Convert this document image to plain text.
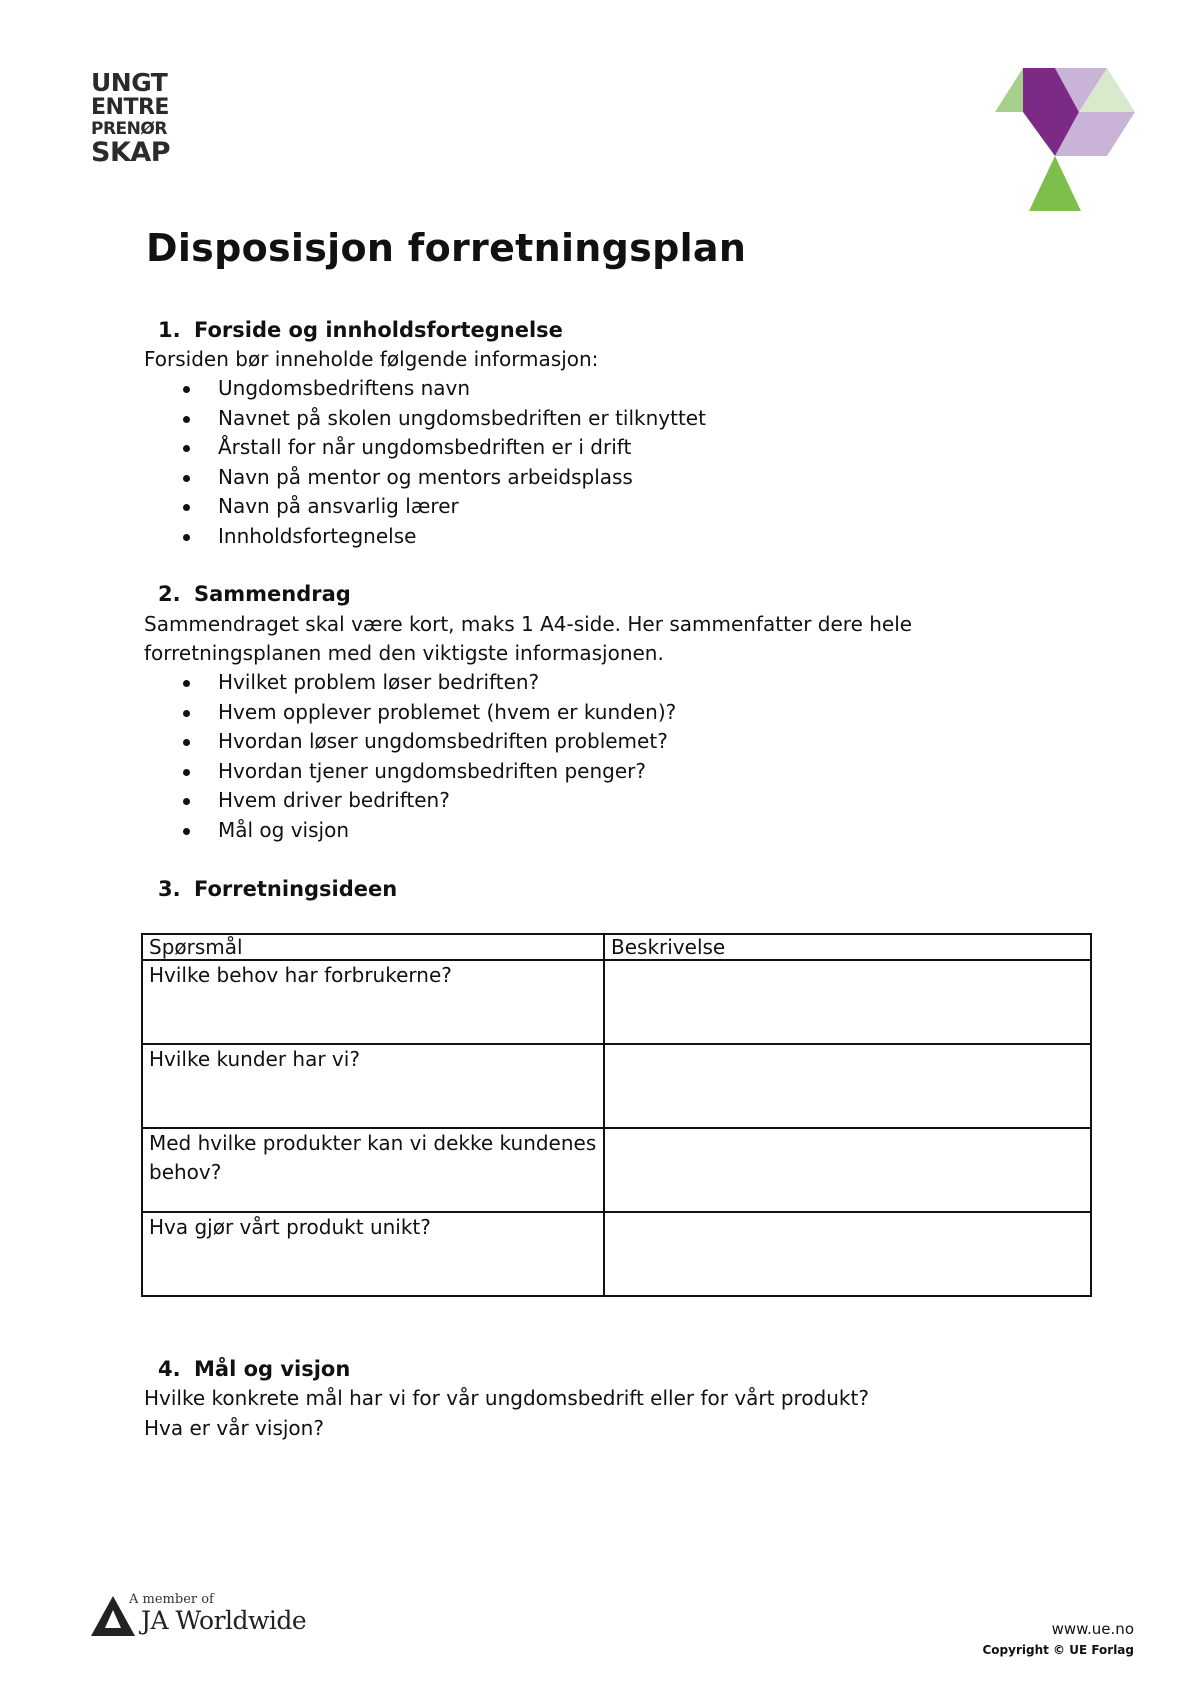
UNGT
ENTRE
PRENØR
SKAP
Disposisjon forretningsplan
1. Forside og innholdsfortegnelse

Forsiden bør inneholde følgende informasjon:

Ungdomsbedriftens navn
Navnet på skolen ungdomsbedriften er tilknyttet
Årstall for når ungdomsbedriften er i drift
Navn på mentor og mentors arbeidsplass
Navn på ansvarlig lærer
Innholdsfortegnelse
2. Sammendrag

Sammendraget skal være kort, maks 1 A4-side. Her sammenfatter dere hele

forretningsplanen med den viktigste informasjonen.

Hvilket problem løser bedriften?
Hvem opplever problemet (hvem er kunden)?
Hvordan løser ungdomsbedriften problemet?
Hvordan tjener ungdomsbedriften penger?
Hvem driver bedriften?
Mål og visjon
3. Forretningsideen
Spørsmål	Beskrivelse
Hvilke behov har forbrukerne?	
Hvilke kunder har vi?	
Med hvilke produkter kan vi dekke kundenes behov?	
Hva gjør vårt produkt unikt?	
4. Mål og visjon

Hvilke konkrete mål har vi for vår ungdomsbedrift eller for vårt produkt?

Hva er vår visjon?

A member of
JA Worldwide	www.ue.no
Copyright © UE Forlag
